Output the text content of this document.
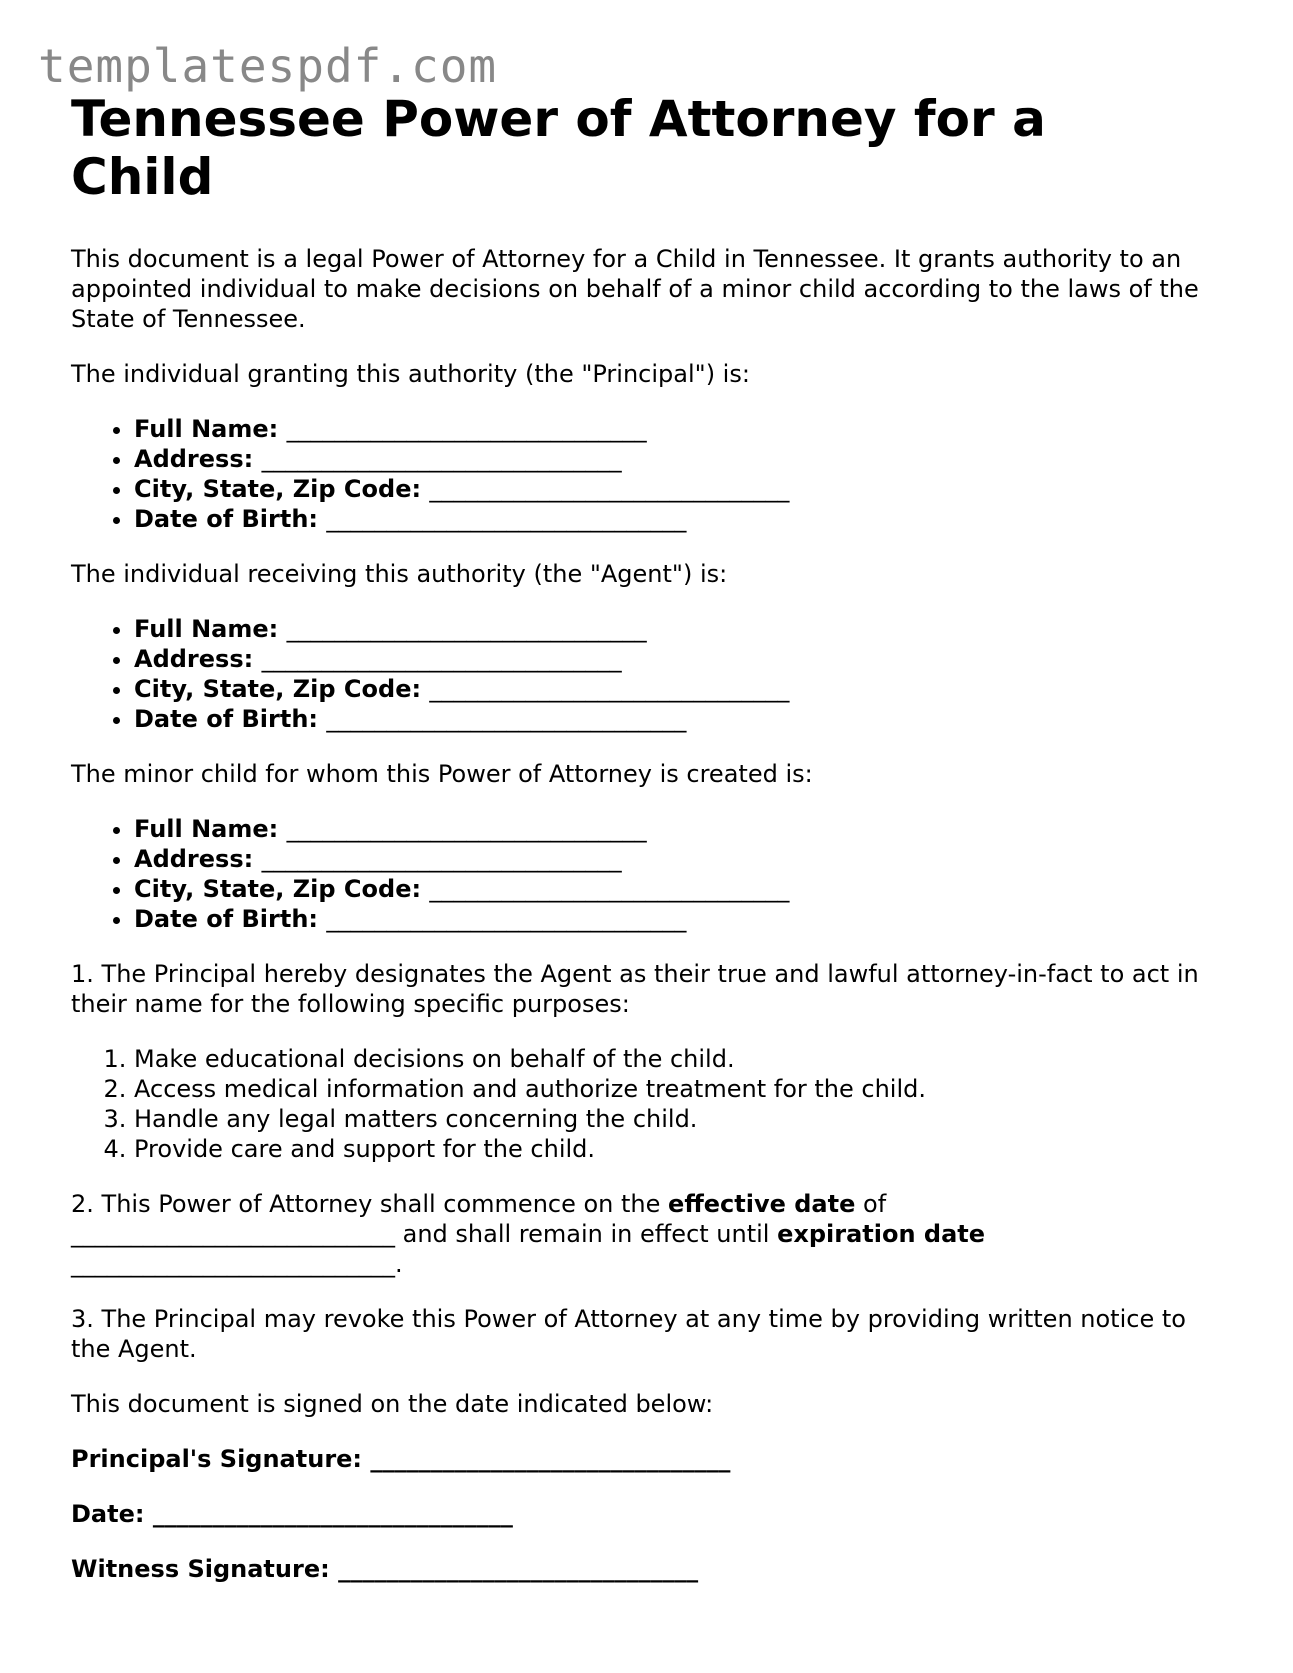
templatespdf.com
Tennessee Power of Attorney for a Child

This document is a legal Power of Attorney for a Child in Tennessee. It grants authority to an appointed individual to make decisions on behalf of a minor child according to the laws of the State of Tennessee.

The individual granting this authority (the "Principal") is:

• Full Name: ______________________________
• Address: ______________________________
• City, State, Zip Code: ______________________________
• Date of Birth: ______________________________

The individual receiving this authority (the "Agent") is:

• Full Name: ______________________________
• Address: ______________________________
• City, State, Zip Code: ______________________________
• Date of Birth: ______________________________

The minor child for whom this Power of Attorney is created is:

• Full Name: ______________________________
• Address: ______________________________
• City, State, Zip Code: ______________________________
• Date of Birth: ______________________________

1. The Principal hereby designates the Agent as their true and lawful attorney-in-fact to act in their name for the following specific purposes:

1. Make educational decisions on behalf of the child.
2. Access medical information and authorize treatment for the child.
3. Handle any legal matters concerning the child.
4. Provide care and support for the child.

2. This Power of Attorney shall commence on the effective date of
___________________________ and shall remain in effect until expiration date
___________________________.

3. The Principal may revoke this Power of Attorney at any time by providing written notice to the Agent.

This document is signed on the date indicated below:

Principal's Signature: ______________________________

Date: ______________________________

Witness Signature: ______________________________
